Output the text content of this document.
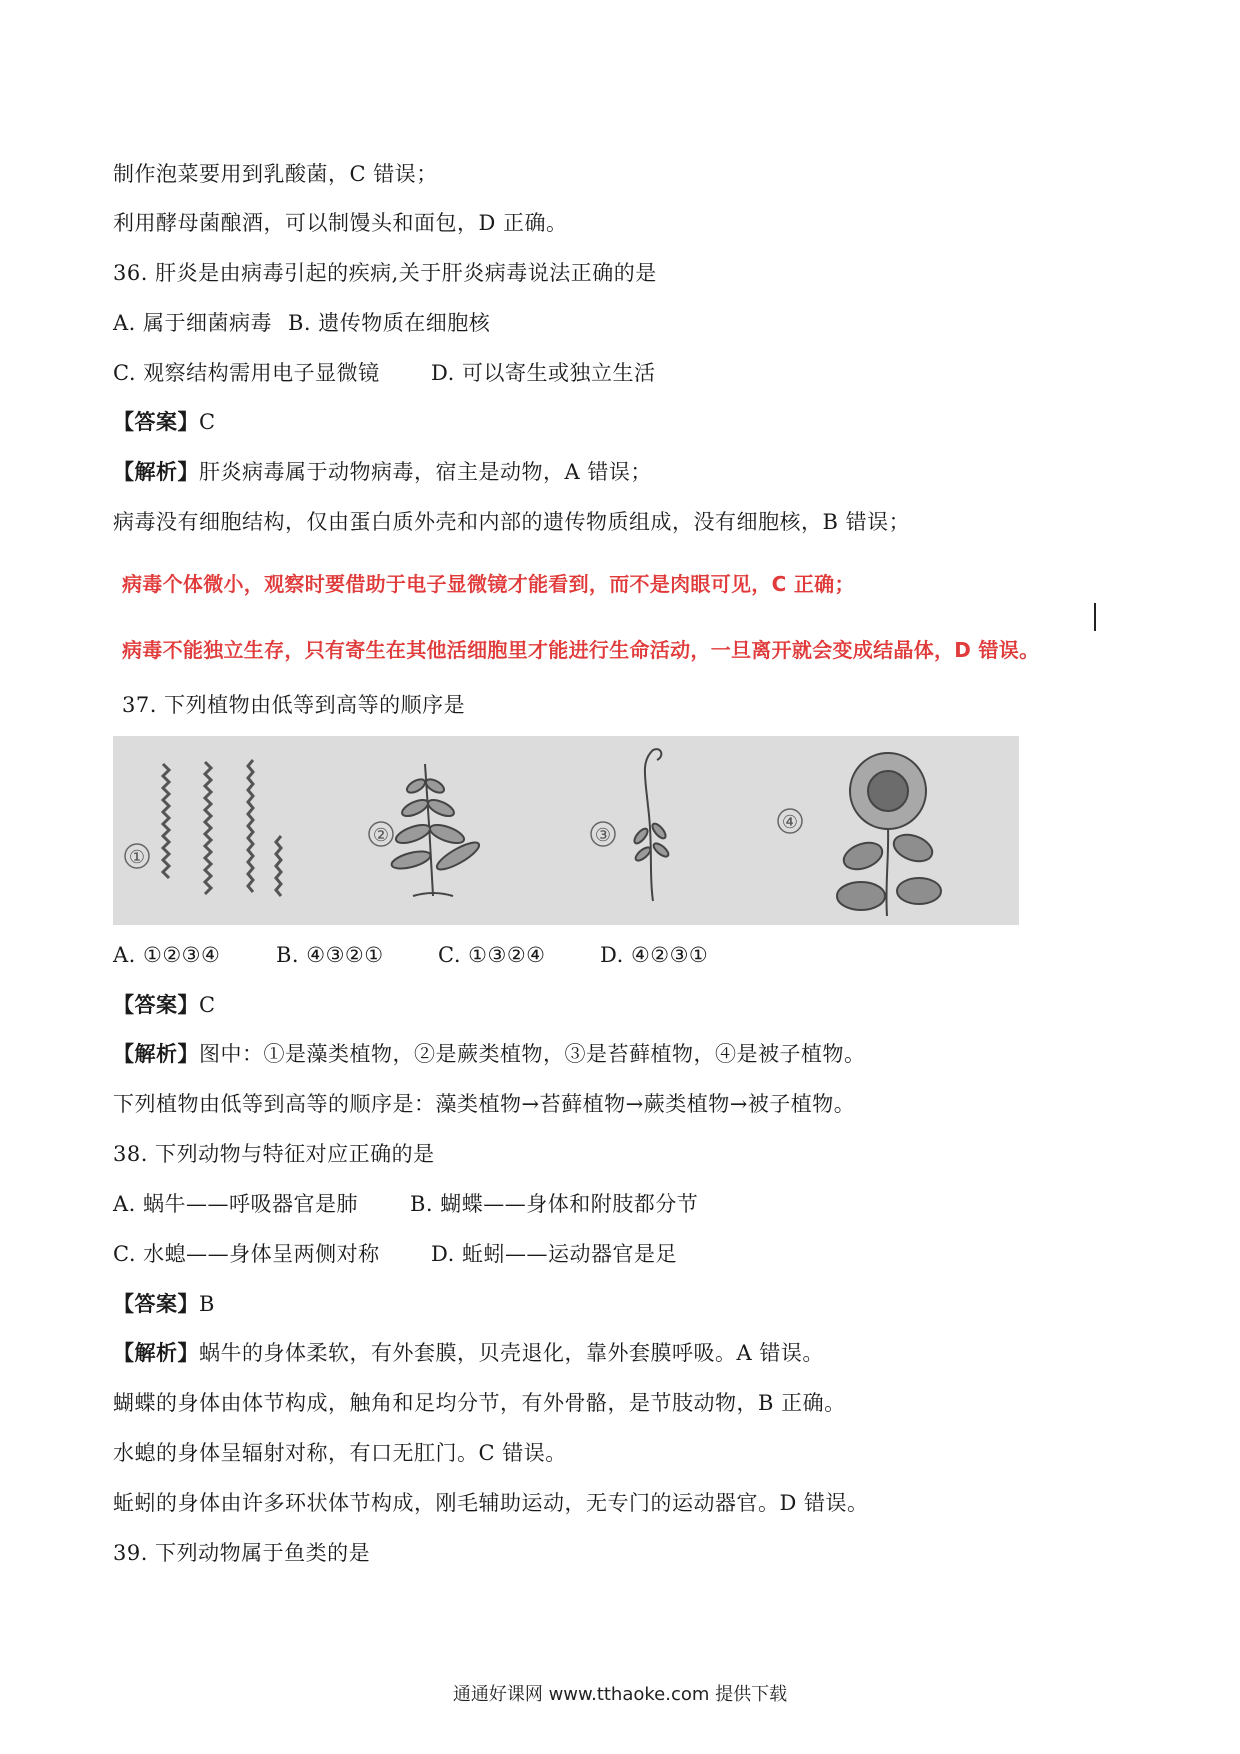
制作泡菜要用到乳酸菌，C 错误；
利用酵母菌酿酒，可以制馒头和面包，D 正确。
36. 肝炎是由病毒引起的疾病,关于肝炎病毒说法正确的是
A. 属于细菌病毒 B. 遗传物质在细胞核
C. 观察结构需用电子显微镜 D. 可以寄生或独立生活
【答案】C
【解析】肝炎病毒属于动物病毒，宿主是动物，A 错误；
病毒没有细胞结构，仅由蛋白质外壳和内部的遗传物质组成，没有细胞核，B 错误；
病毒个体微小，观察时要借助于电子显微镜才能看到，而不是肉眼可见，C 正确；
病毒不能独立生存，只有寄生在其他活细胞里才能进行生命活动，一旦离开就会变成结晶体，D 错误。
37. 下列植物由低等到高等的顺序是
①
②	③
④
A. ①②③④	B. ④③②①	C. ①③②④	D. ④②③①
【答案】C
【解析】图中：①是藻类植物，②是蕨类植物，③是苔藓植物，④是被子植物。
下列植物由低等到高等的顺序是：藻类植物→苔藓植物→蕨类植物→被子植物。
38. 下列动物与特征对应正确的是
A. 蜗牛——呼吸器官是肺 B. 蝴蝶——身体和附肢都分节
C. 水螅——身体呈两侧对称 D. 蚯蚓——运动器官是足
【答案】B
【解析】蜗牛的身体柔软，有外套膜，贝壳退化，靠外套膜呼吸。A 错误。
蝴蝶的身体由体节构成，触角和足均分节，有外骨骼，是节肢动物，B 正确。
水螅的身体呈辐射对称，有口无肛门。C 错误。
蚯蚓的身体由许多环状体节构成，刚毛辅助运动，无专门的运动器官。D 错误。
39. 下列动物属于鱼类的是
通通好课网 www.tthaoke.com 提供下载
